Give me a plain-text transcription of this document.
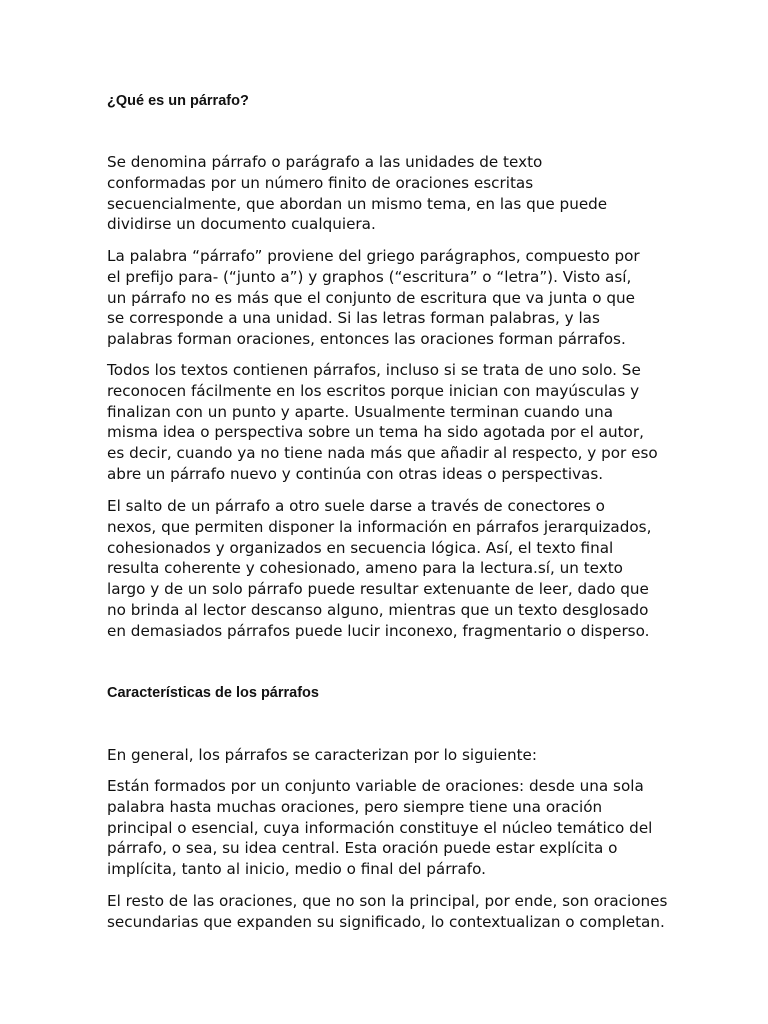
¿Qué es un párrafo?

Se denomina párrafo o parágrafo a las unidades de texto
conformadas por un número finito de oraciones escritas
secuencialmente, que abordan un mismo tema, en las que puede
dividirse un documento cualquiera.

La palabra “párrafo” proviene del griego parágraphos, compuesto por
el prefijo para- (“junto a”) y graphos (“escritura” o “letra”). Visto así,
un párrafo no es más que el conjunto de escritura que va junta o que
se corresponde a una unidad. Si las letras forman palabras, y las
palabras forman oraciones, entonces las oraciones forman párrafos.

Todos los textos contienen párrafos, incluso si se trata de uno solo. Se
reconocen fácilmente en los escritos porque inician con mayúsculas y
finalizan con un punto y aparte. Usualmente terminan cuando una
misma idea o perspectiva sobre un tema ha sido agotada por el autor,
es decir, cuando ya no tiene nada más que añadir al respecto, y por eso
abre un párrafo nuevo y continúa con otras ideas o perspectivas.

El salto de un párrafo a otro suele darse a través de conectores o
nexos, que permiten disponer la información en párrafos jerarquizados,
cohesionados y organizados en secuencia lógica. Así, el texto final
resulta coherente y cohesionado, ameno para la lectura.sí, un texto
largo y de un solo párrafo puede resultar extenuante de leer, dado que
no brinda al lector descanso alguno, mientras que un texto desglosado
en demasiados párrafos puede lucir inconexo, fragmentario o disperso.

Características de los párrafos

En general, los párrafos se caracterizan por lo siguiente:

Están formados por un conjunto variable de oraciones: desde una sola
palabra hasta muchas oraciones, pero siempre tiene una oración
principal o esencial, cuya información constituye el núcleo temático del
párrafo, o sea, su idea central. Esta oración puede estar explícita o
implícita, tanto al inicio, medio o final del párrafo.

El resto de las oraciones, que no son la principal, por ende, son oraciones
secundarias que expanden su significado, lo contextualizan o completan.
